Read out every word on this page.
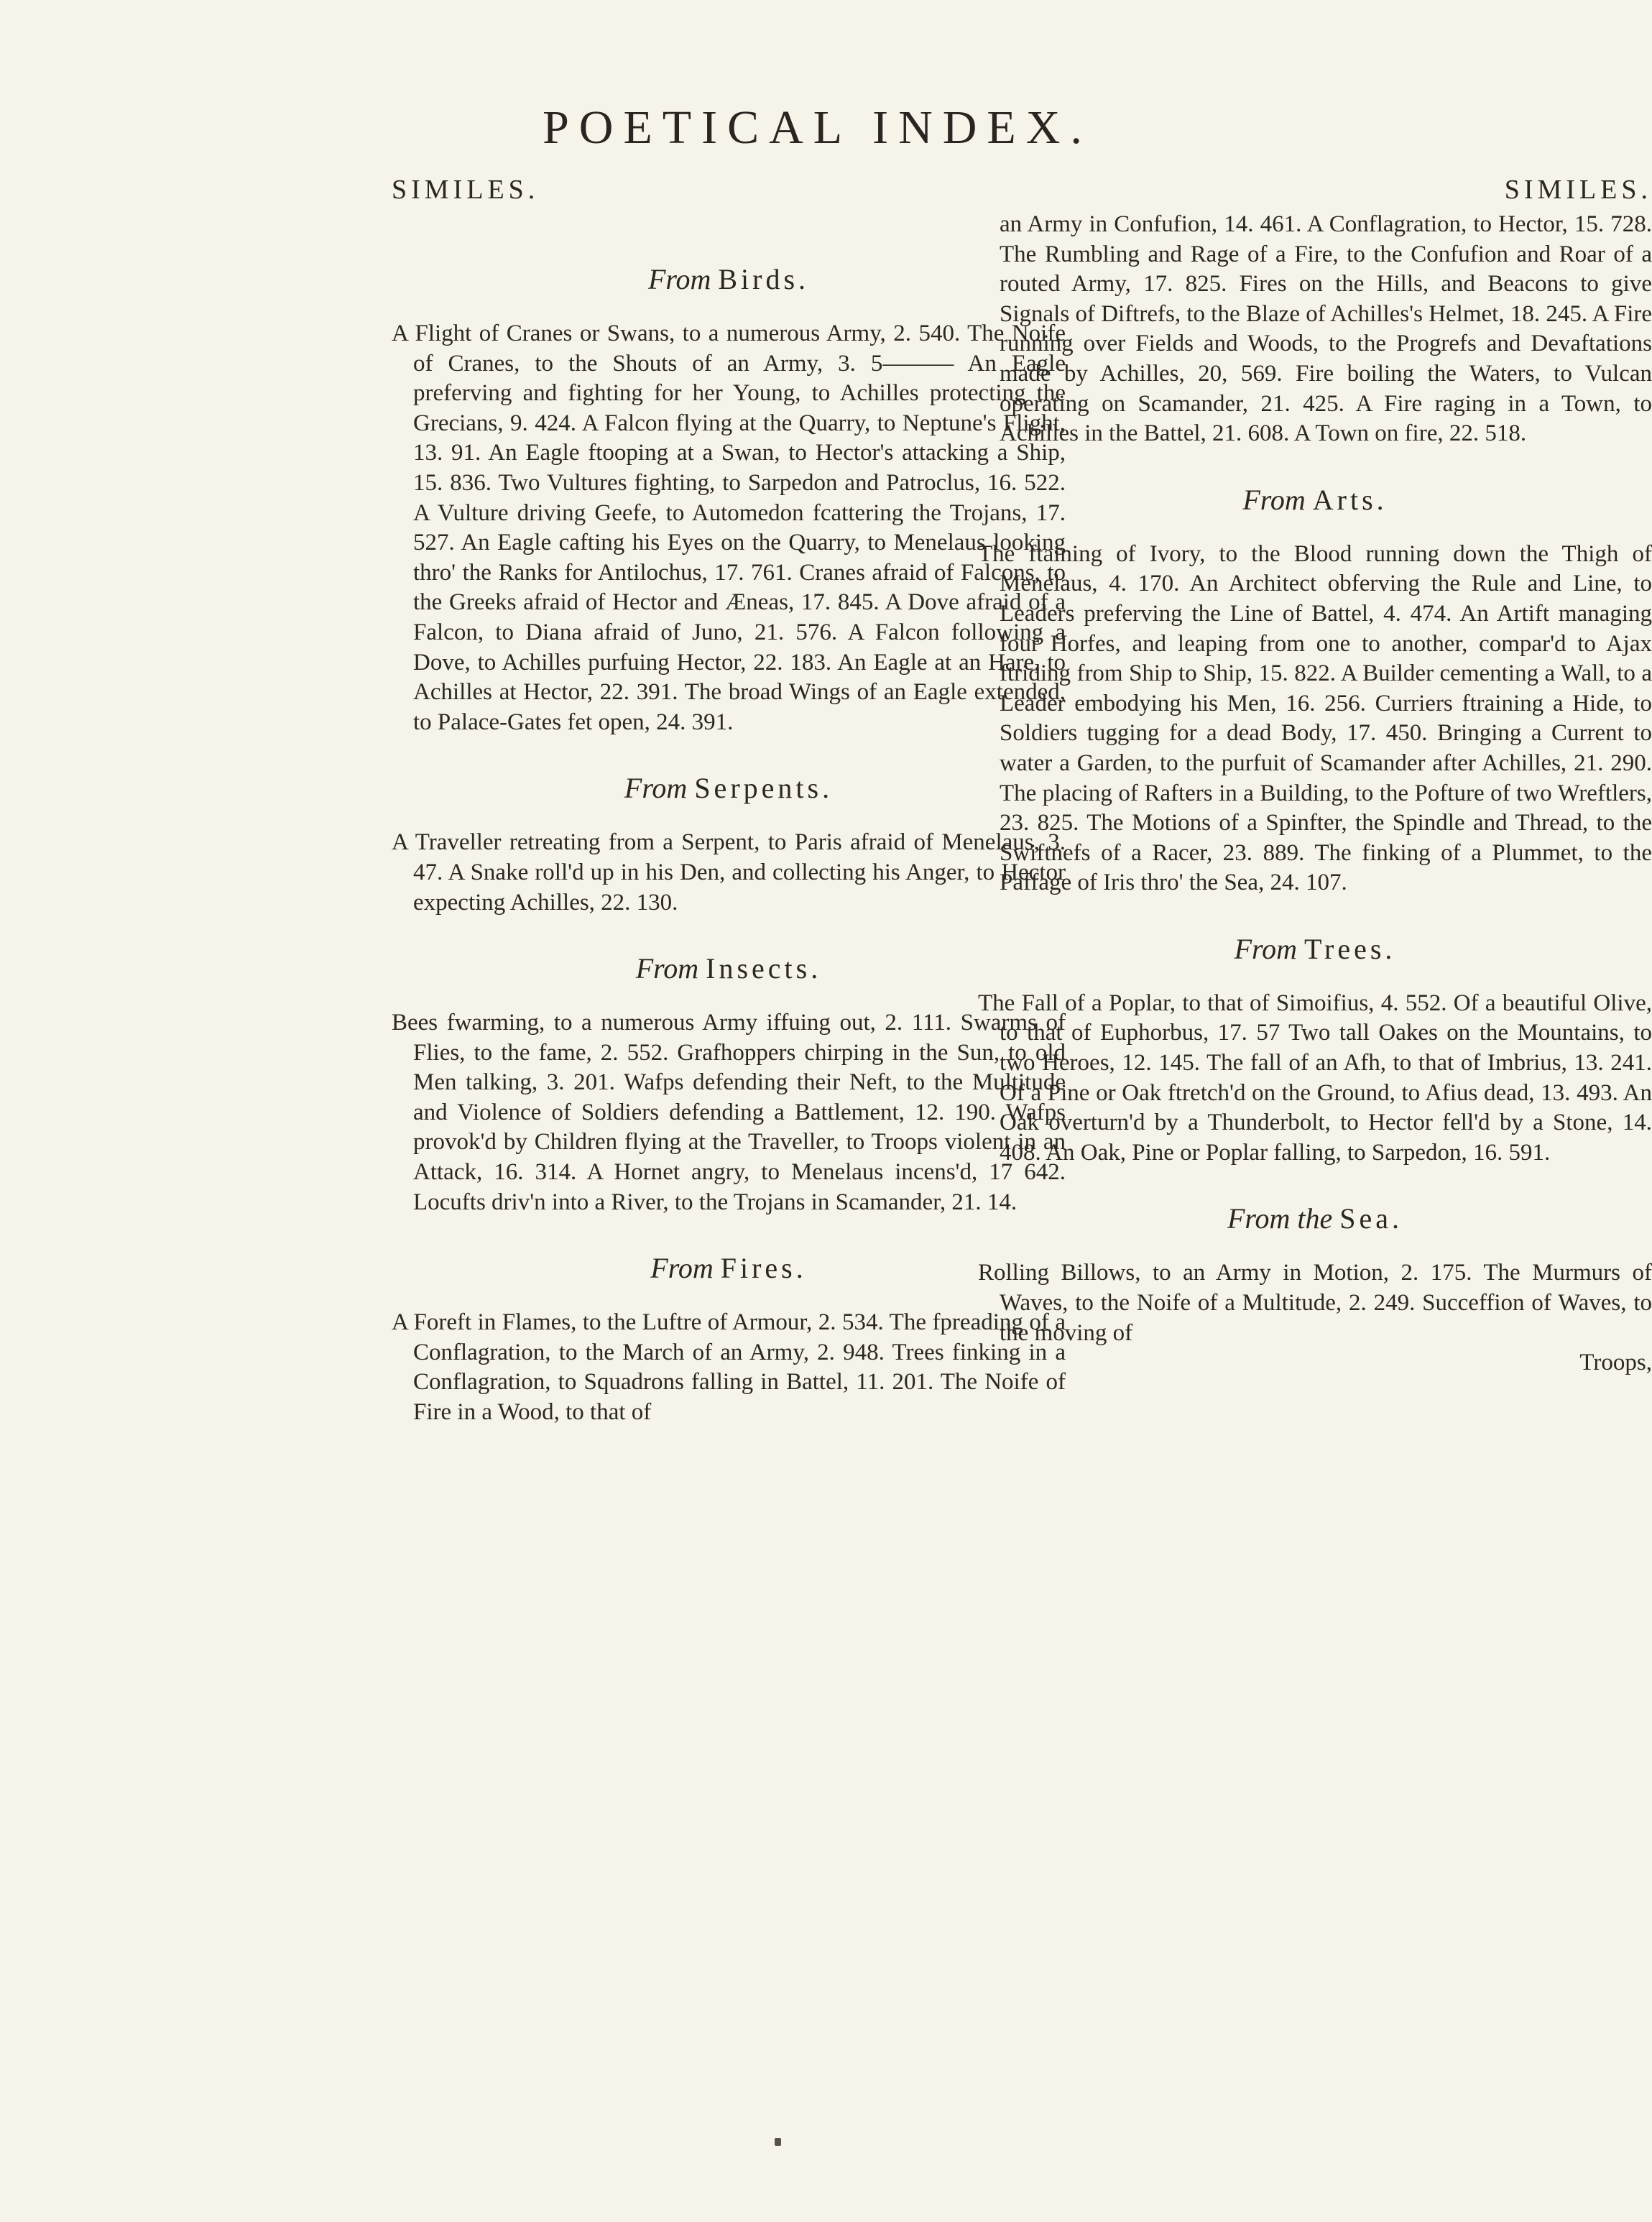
POETICAL INDEX.
SIMILES.
From Birds.

A Flight of Cranes or Swans, to a numerous Army, 2. 540. The Noife of Cranes, to the Shouts of an Army, 3. 5——— An Eagle preferving and fighting for her Young, to Achilles protecting the Grecians, 9. 424. A Falcon flying at the Quarry, to Neptune's Flight, 13. 91. An Eagle ftooping at a Swan, to Hector's attacking a Ship, 15. 836. Two Vultures fighting, to Sarpedon and Patroclus, 16. 522. A Vulture driving Geefe, to Automedon fcattering the Trojans, 17. 527. An Eagle cafting his Eyes on the Quarry, to Menelaus looking thro' the Ranks for Antilochus, 17. 761. Cranes afraid of Falcons, to the Greeks afraid of Hector and Æneas, 17. 845. A Dove afraid of a Falcon, to Diana afraid of Juno, 21. 576. A Falcon following a Dove, to Achilles purfuing Hector, 22. 183. An Eagle at an Hare, to Achilles at Hector, 22. 391. The broad Wings of an Eagle extended, to Palace-Gates fet open, 24. 391.

From Serpents.

A Traveller retreating from a Serpent, to Paris afraid of Menelaus, 3. 47. A Snake roll'd up in his Den, and collecting his Anger, to Hector expecting Achilles, 22. 130.

From Insects.

Bees fwarming, to a numerous Army iffuing out, 2. 111. Swarms of Flies, to the fame, 2. 552. Grafhoppers chirping in the Sun, to old Men talking, 3. 201. Wafps defending their Neft, to the Multitude and Violence of Soldiers defending a Battlement, 12. 190. Wafps provok'd by Children flying at the Traveller, to Troops violent in an Attack, 16. 314. A Hornet angry, to Menelaus incens'd, 17 642. Locufts driv'n into a River, to the Trojans in Scamander, 21. 14.

From Fires.

A Foreft in Flames, to the Luftre of Armour, 2. 534. The fpreading of a Conflagration, to the March of an Army, 2. 948. Trees finking in a Conflagration, to Squadrons falling in Battel, 11. 201. The Noife of Fire in a Wood, to that of

SIMILES.

an Army in Confufion, 14. 461. A Conflagration, to Hector, 15. 728. The Rumbling and Rage of a Fire, to the Confufion and Roar of a routed Army, 17. 825. Fires on the Hills, and Beacons to give Signals of Diftrefs, to the Blaze of Achilles's Helmet, 18. 245. A Fire running over Fields and Woods, to the Progrefs and Devaftations made by Achilles, 20, 569. Fire boiling the Waters, to Vulcan operating on Scamander, 21. 425. A Fire raging in a Town, to Achilles in the Battel, 21. 608. A Town on fire, 22. 518.

From Arts.

The ftaining of Ivory, to the Blood running down the Thigh of Menelaus, 4. 170. An Architect obferving the Rule and Line, to Leaders preferving the Line of Battel, 4. 474. An Artift managing four Horfes, and leaping from one to another, compar'd to Ajax ftriding from Ship to Ship, 15. 822. A Builder cementing a Wall, to a Leader embodying his Men, 16. 256. Curriers ftraining a Hide, to Soldiers tugging for a dead Body, 17. 450. Bringing a Current to water a Garden, to the purfuit of Scamander after Achilles, 21. 290. The placing of Rafters in a Building, to the Pofture of two Wreftlers, 23. 825. The Motions of a Spinfter, the Spindle and Thread, to the Swiftnefs of a Racer, 23. 889. The finking of a Plummet, to the Paffage of Iris thro' the Sea, 24. 107.

From Trees.

The Fall of a Poplar, to that of Simoifius, 4. 552. Of a beautiful Olive, to that of Euphorbus, 17. 57 Two tall Oakes on the Mountains, to two Heroes, 12. 145. The fall of an Afh, to that of Imbrius, 13. 241. Of a Pine or Oak ftretch'd on the Ground, to Afius dead, 13. 493. An Oak overturn'd by a Thunderbolt, to Hector fell'd by a Stone, 14. 408. An Oak, Pine or Poplar falling, to Sarpedon, 16. 591.

From the Sea.

Rolling Billows, to an Army in Motion, 2. 175. The Murmurs of Waves, to the Noife of a Multitude, 2. 249. Succeffion of Waves, to the moving of

Troops,
